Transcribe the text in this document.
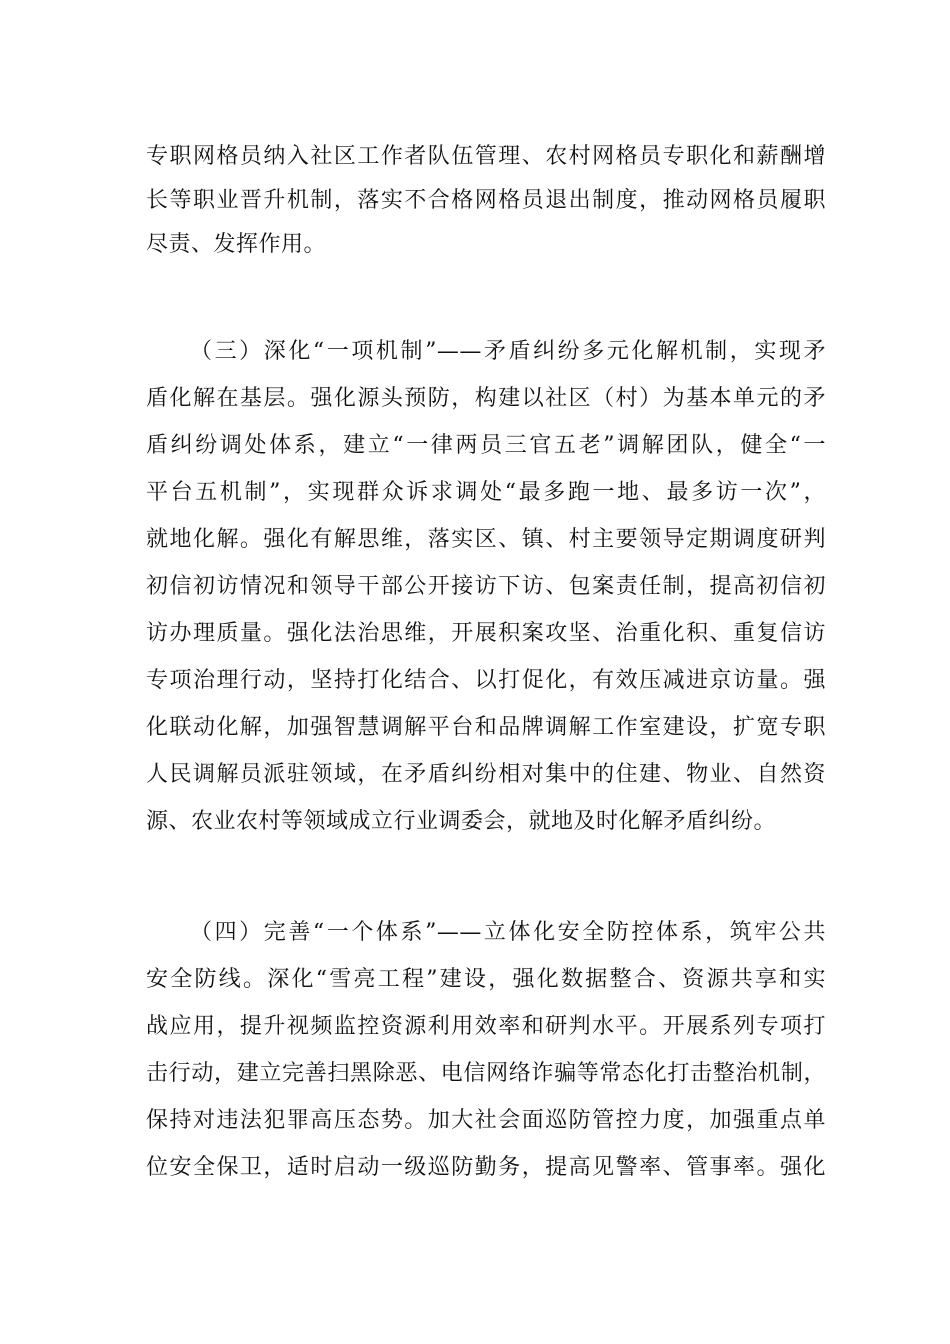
专职网格员纳入社区工作者队伍管理、农村网格员专职化和薪酬增
长等职业晋升机制，落实不合格网格员退出制度，推动网格员履职
尽责、发挥作用。
（三）深化“一项机制”——矛盾纠纷多元化解机制，实现矛
盾化解在基层。强化源头预防，构建以社区（村）为基本单元的矛
盾纠纷调处体系，建立“一律两员三官五老”调解团队，健全“一
平台五机制”，实现群众诉求调处“最多跑一地、最多访一次”，
就地化解。强化有解思维，落实区、镇、村主要领导定期调度研判
初信初访情况和领导干部公开接访下访、包案责任制，提高初信初
访办理质量。强化法治思维，开展积案攻坚、治重化积、重复信访
专项治理行动，坚持打化结合、以打促化，有效压减进京访量。强
化联动化解，加强智慧调解平台和品牌调解工作室建设，扩宽专职
人民调解员派驻领域，在矛盾纠纷相对集中的住建、物业、自然资
源、农业农村等领域成立行业调委会，就地及时化解矛盾纠纷。
（四）完善“一个体系”——立体化安全防控体系，筑牢公共
安全防线。深化“雪亮工程”建设，强化数据整合、资源共享和实
战应用，提升视频监控资源利用效率和研判水平。开展系列专项打
击行动，建立完善扫黑除恶、电信网络诈骗等常态化打击整治机制，
保持对违法犯罪高压态势。加大社会面巡防管控力度，加强重点单
位安全保卫，适时启动一级巡防勤务，提高见警率、管事率。强化
